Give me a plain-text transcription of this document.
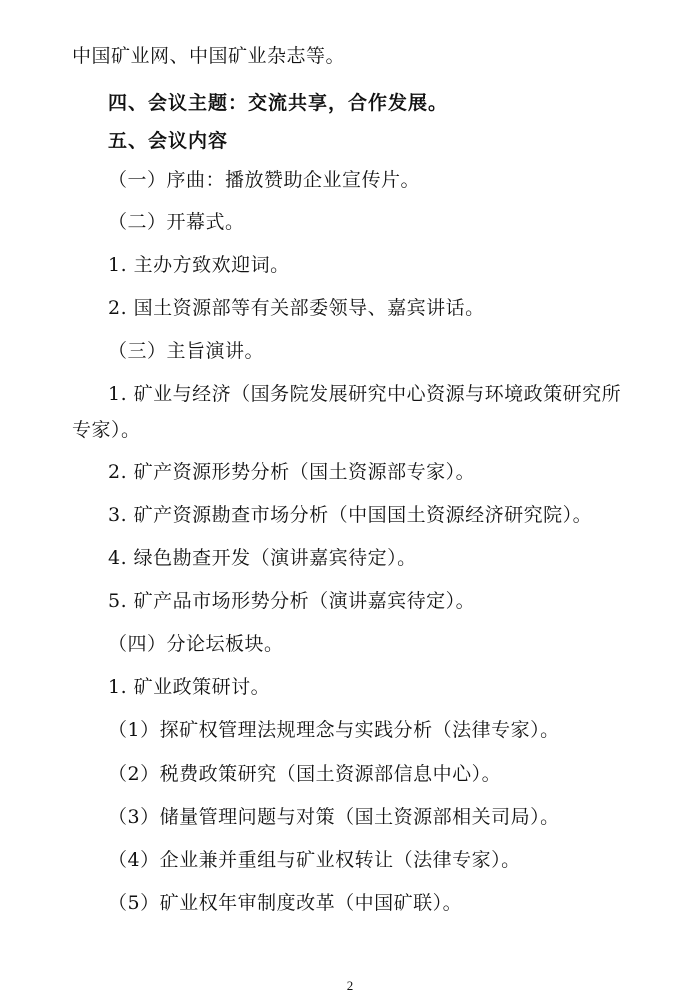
中国矿业网、中国矿业杂志等。
四、会议主题：交流共享，合作发展。
五、会议内容
（一）序曲：播放赞助企业宣传片。
（二）开幕式。
1. 主办方致欢迎词。
2. 国土资源部等有关部委领导、嘉宾讲话。
（三）主旨演讲。
1. 矿业与经济（国务院发展研究中心资源与环境政策研究所
专家）。
2. 矿产资源形势分析（国土资源部专家）。
3. 矿产资源勘查市场分析（中国国土资源经济研究院）。
4. 绿色勘查开发（演讲嘉宾待定）。
5. 矿产品市场形势分析（演讲嘉宾待定）。
（四）分论坛板块。
1. 矿业政策研讨。
（1）探矿权管理法规理念与实践分析（法律专家）。
（2）税费政策研究（国土资源部信息中心）。
（3）储量管理问题与对策（国土资源部相关司局）。
（4）企业兼并重组与矿业权转让（法律专家）。
（5）矿业权年审制度改革（中国矿联）。
2
